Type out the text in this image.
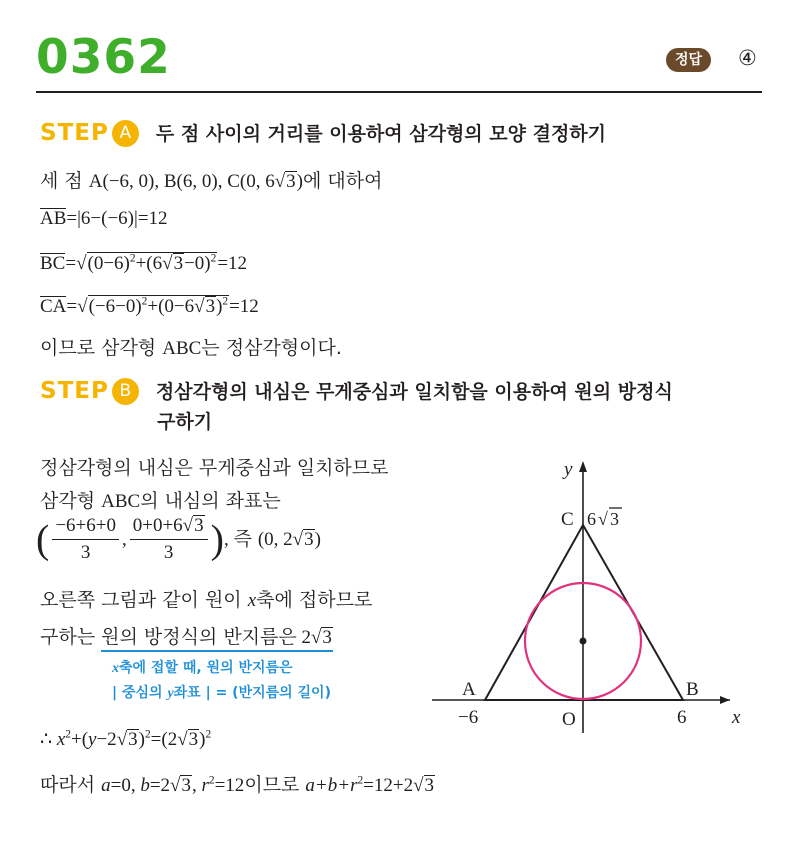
0362	정답	④
STEP A 두 점 사이의 거리를 이용하여 삼각형의 모양 결정하기
세 점 A(−6, 0), B(6, 0), C(0, 6√ 3)에 대하여
AB=|6−(−6)|=12
BC=√ $(0-6)^2+(6√$ 3−0)$^2$=12
CA=√ $(-6-0)^2+(0-6√$ 3)$^2$=12
이므로 삼각형 ABC는 정삼각형이다.
STEP B 정삼각형의 내심은 무게중심과 일치함을 이용하여 원의 방정식
구하기
정삼각형의 내심은 무게중심과 일치하므로
삼각형 ABC의 내심의 좌표는
( $\frac{-6+6+0}{3}$ , $\frac{0+0+6√ 3}{3}$ ), 즉 (0, 2√ 3)
오른쪽 그림과 같이 원이 x축에 접하므로
구하는 원의 방정식의 반지름은 2√ 3
x축에 접할 때, 원의 반지름은
| 중심의 y좌표 | = (반지름의 길이)
∴ $x^2+(y-2√$ 3)$^2$=(2√ 3)$^2$
따라서 a=0, b=2√ 3, $r^2=12$이므로 $a+b+r^2=12+2√$ 3
y
x
C 6 √ 3
A	B
−6	O	6
